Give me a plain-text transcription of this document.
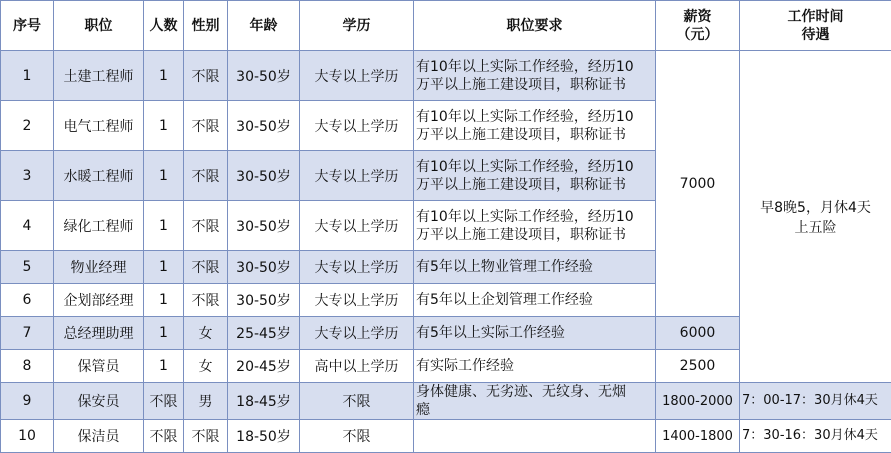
序号	职位	人数	性别	年龄	学历	职位要求	薪资
（元）	工作时间
待遇

1	土建工程师	1	不限	30-50岁	大专以上学历	有10年以上实际工作经验，经历10
万平以上施工建设项目，职称证书	7000	早8晚5，月休4天
上五险

2	电气工程师	1	不限	30-50岁	大专以上学历	有10年以上实际工作经验，经历10
万平以上施工建设项目，职称证书		

3	水暖工程师	1	不限	30-50岁	大专以上学历	有10年以上实际工作经验，经历10
万平以上施工建设项目，职称证书		

4	绿化工程师	1	不限	30-50岁	大专以上学历	有10年以上实际工作经验，经历10
万平以上施工建设项目，职称证书		

5	物业经理	1	不限	30-50岁	大专以上学历	有5年以上物业管理工作经验		
6	企划部经理	1	不限	30-50岁	大专以上学历	有5年以上企划管理工作经验		
7	总经理助理	1	女	25-45岁	大专以上学历	有5年以上实际工作经验	6000	
8	保管员	1	女	20-45岁	高中以上学历	有实际工作经验	2500	
9	保安员	不限	男	18-45岁	不限	身体健康、无劣迹、无纹身、无烟
瘾	1800-2000	7：00-17：30月休4天
10	保洁员	不限	不限	18-50岁	不限		1400-1800	7：30-16：30月休4天
